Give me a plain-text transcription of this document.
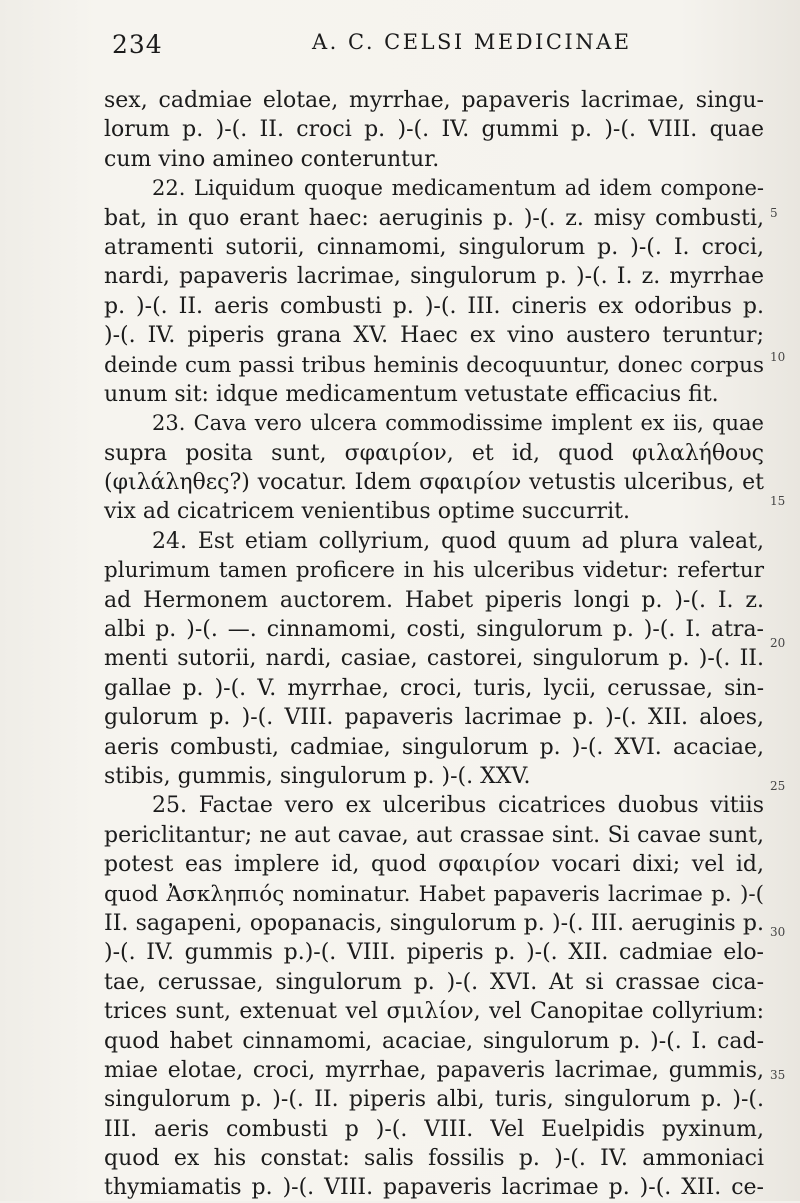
234	A. C. CELSI MEDICINAE
sex, cadmiae elotae, myrrhae, papaveris lacrimae, singu-
lorum p. )-(. II. croci p. )-(. IV. gummi p. )-(. VIII. quae
cum vino amineo conteruntur.
22. Liquidum quoque medicamentum ad idem compone-
bat, in quo erant haec: aeruginis p. )-(. z. misy combusti,
atramenti sutorii, cinnamomi, singulorum p. )-(. I. croci,
nardi, papaveris lacrimae, singulorum p. )-(. I. z. myrrhae
p. )-(. II. aeris combusti p. )-(. III. cineris ex odoribus p.
)-(. IV. piperis grana XV. Haec ex vino austero teruntur;
deinde cum passi tribus heminis decoquuntur, donec corpus
unum sit: idque medicamentum vetustate efficacius fit.
23. Cava vero ulcera commodissime implent ex iis, quae
supra posita sunt, σφαιρίον, et id, quod φιλαλήθους
(φιλάληθες?) vocatur. Idem σφαιρίον vetustis ulceribus, et
vix ad cicatricem venientibus optime succurrit.
24. Est etiam collyrium, quod quum ad plura valeat,
plurimum tamen proficere in his ulceribus videtur: refertur
ad Hermonem auctorem. Habet piperis longi p. )-(. I. z.
albi p. )-(. —. cinnamomi, costi, singulorum p. )-(. I. atra-
menti sutorii, nardi, casiae, castorei, singulorum p. )-(. II.
gallae p. )-(. V. myrrhae, croci, turis, lycii, cerussae, sin-
gulorum p. )-(. VIII. papaveris lacrimae p. )-(. XII. aloes,
aeris combusti, cadmiae, singulorum p. )-(. XVI. acaciae,
stibis, gummis, singulorum p. )-(. XXV.
25. Factae vero ex ulceribus cicatrices duobus vitiis
periclitantur; ne aut cavae, aut crassae sint. Si cavae sunt,
potest eas implere id, quod σφαιρίον vocari dixi; vel id,
quod Ἀσκληπιός nominatur. Habet papaveris lacrimae p. )-(
II. sagapeni, opopanacis, singulorum p. )-(. III. aeruginis p.
)-(. IV. gummis p.)-(. VIII. piperis p. )-(. XII. cadmiae elo-
tae, cerussae, singulorum p. )-(. XVI. At si crassae cica-
trices sunt, extenuat vel σμιλίον, vel Canopitae collyrium:
quod habet cinnamomi, acaciae, singulorum p. )-(. I. cad-
miae elotae, croci, myrrhae, papaveris lacrimae, gummis,
singulorum p. )-(. II. piperis albi, turis, singulorum p. )-(.
III. aeris combusti p )-(. VIII. Vel Euelpidis pyxinum,
quod ex his constat: salis fossilis p. )-(. IV. ammoniaci
thymiamatis p. )-(. VIII. papaveris lacrimae p. )-(. XII. ce-
5
10
15
20
25
30
35
